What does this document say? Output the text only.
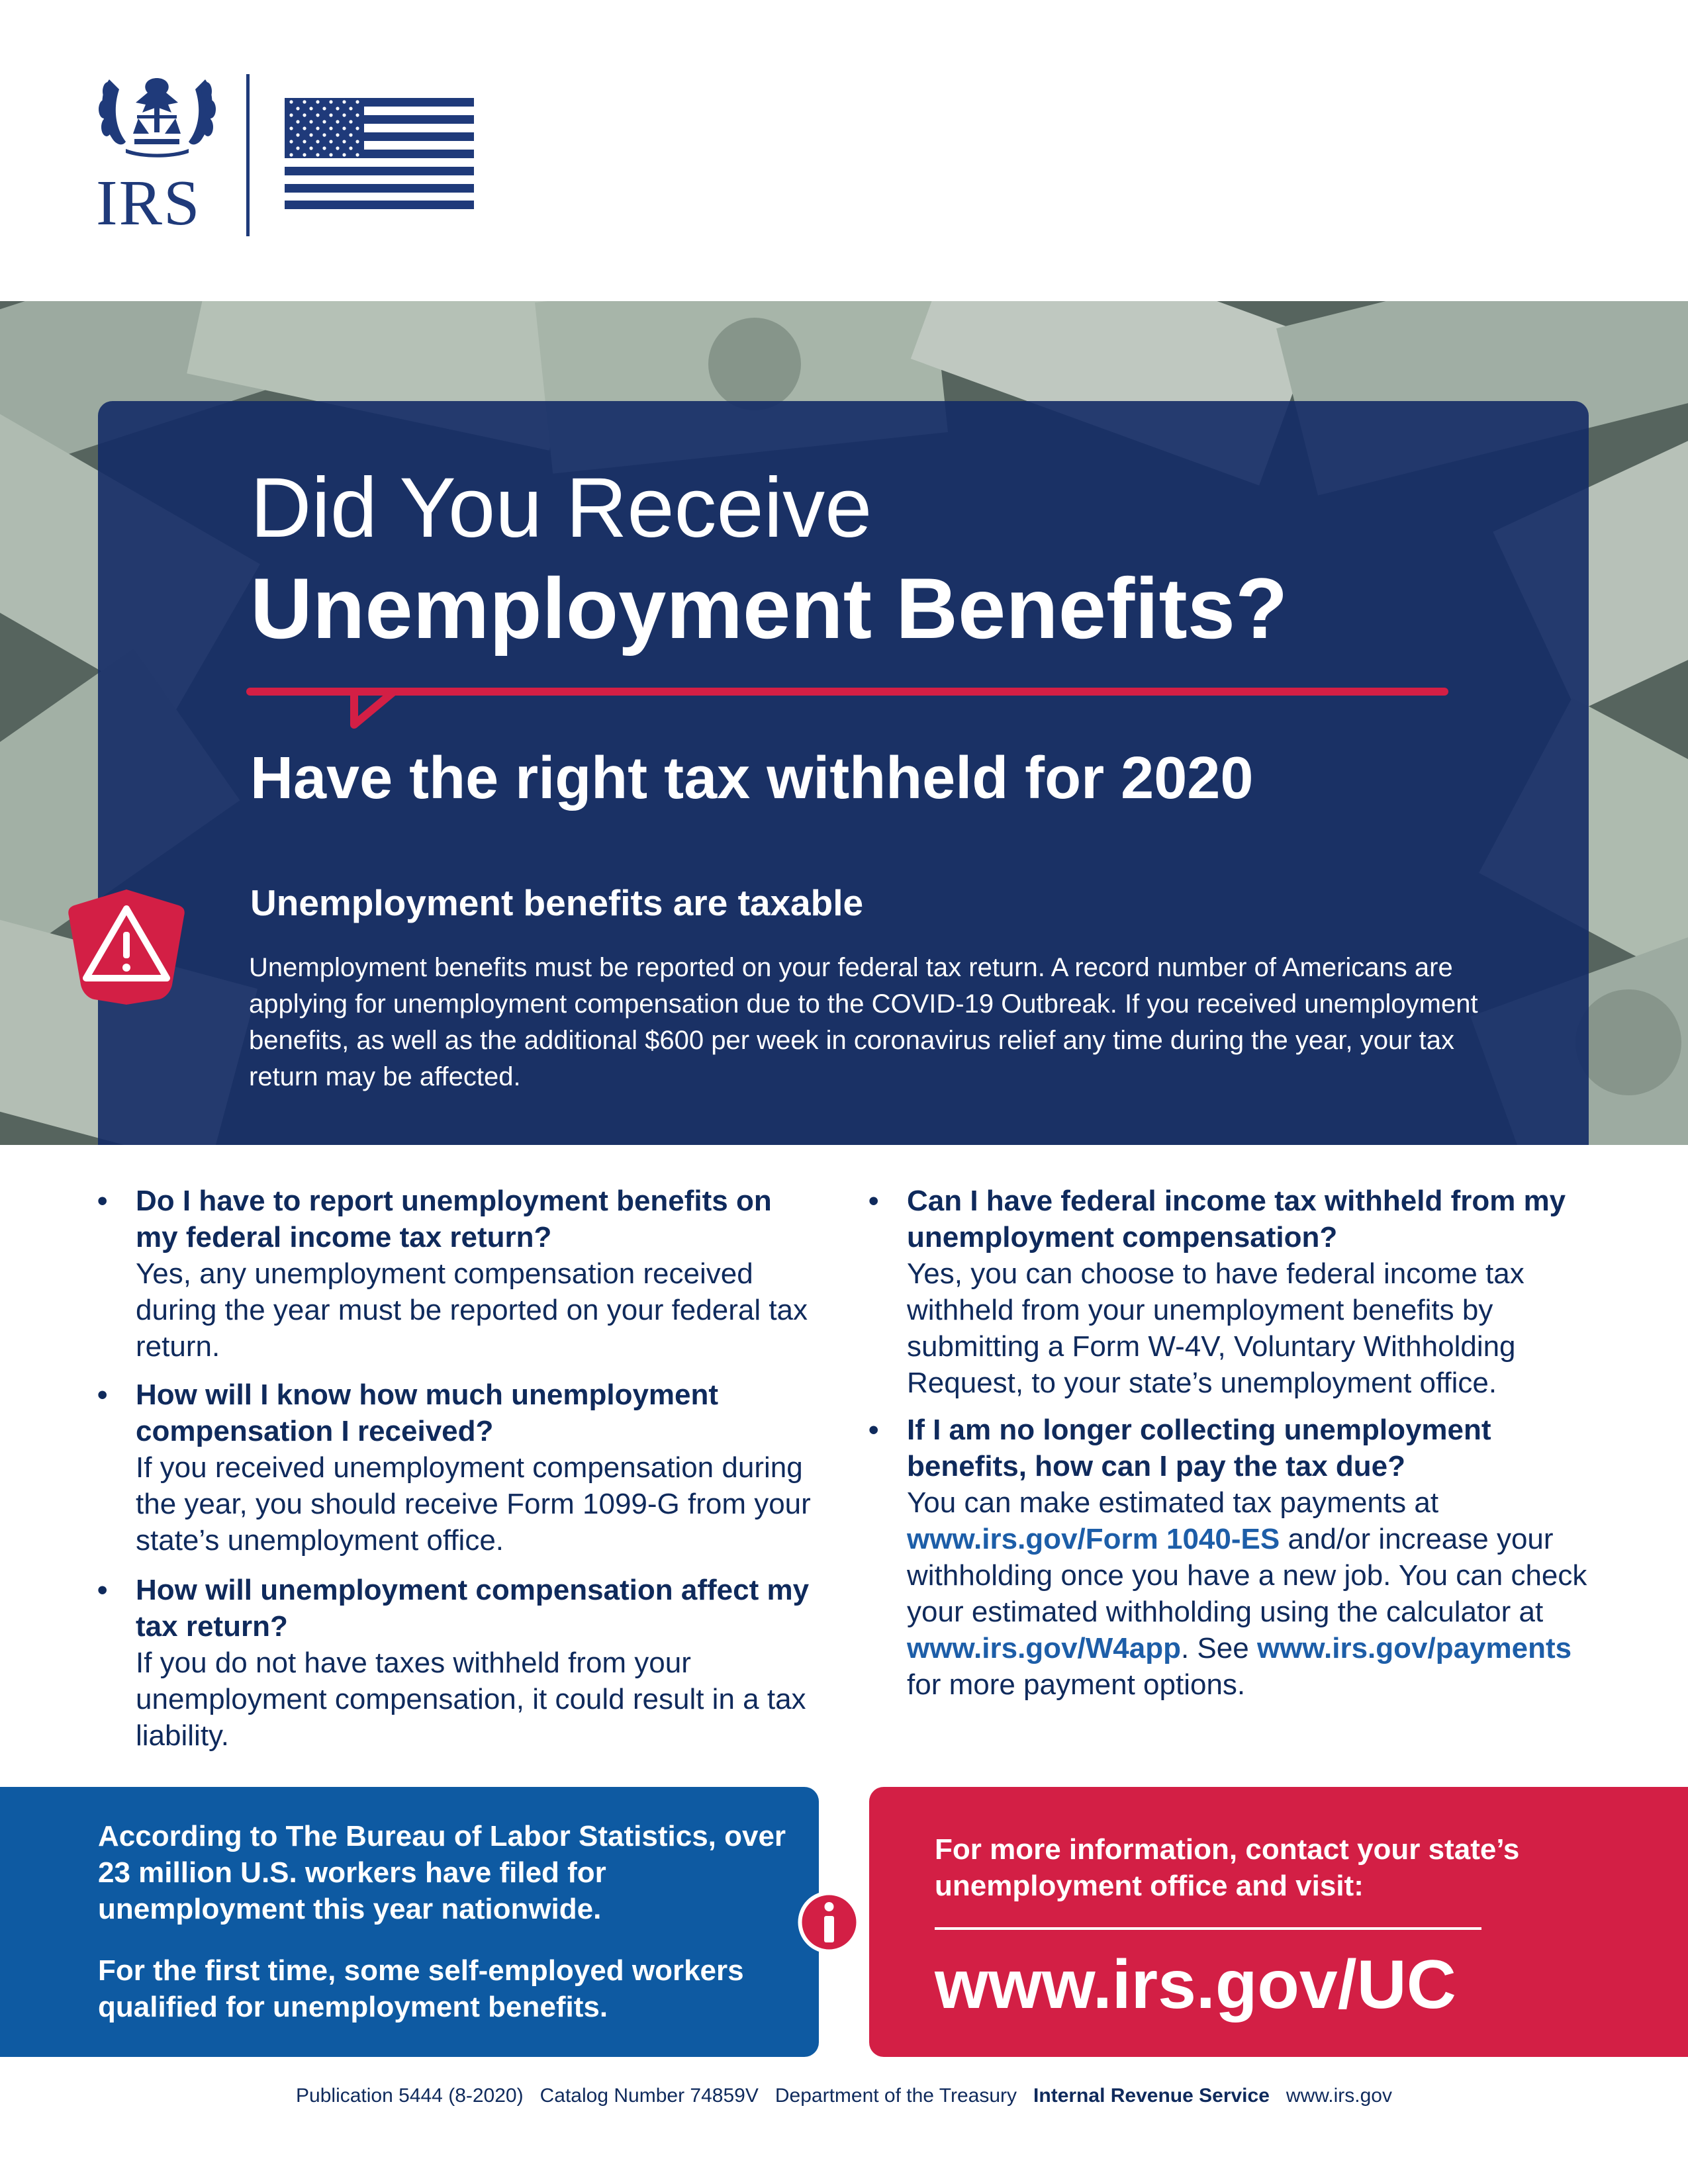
IRS
Did You Receive
Unemployment Benefits?
Have the right tax withheld for 2020
Unemployment benefits are taxable
Unemployment benefits must be reported on your federal tax return. A record number of Americans are applying for unemployment compensation due to the COVID-19 Outbreak. If you received unemployment benefits, as well as the additional $600 per week in coronavirus relief any time during the year, your tax return may be affected.
• Do I have to report unemployment benefits on my federal income tax return?
Yes, any unemployment compensation received during the year must be reported on your federal tax return.
• How will I know how much unemployment compensation I received?
If you received unemployment compensation during the year, you should receive Form 1099-G from your state’s unemployment office.
• How will unemployment compensation affect my tax return?
If you do not have taxes withheld from your unemployment compensation, it could result in a tax liability.
• Can I have federal income tax withheld from my unemployment compensation?
Yes, you can choose to have federal income tax withheld from your unemployment benefits by submitting a Form W-4V, Voluntary Withholding Request, to your state’s unemployment office.
• If I am no longer collecting unemployment benefits, how can I pay the tax due?
You can make estimated tax payments at www.irs.gov/Form 1040-ES and/or increase your withholding once you have a new job. You can check your estimated withholding using the calculator at www.irs.gov/W4app. See www.irs.gov/payments for more payment options.
According to The Bureau of Labor Statistics, over 23 million U.S. workers have filed for unemployment this year nationwide.
For the first time, some self-employed workers qualified for unemployment benefits.
For more information, contact your state’s unemployment office and visit:
www.irs.gov/UC
Publication 5444 (8-2020) Catalog Number 74859V Department of the Treasury Internal Revenue Service www.irs.gov
